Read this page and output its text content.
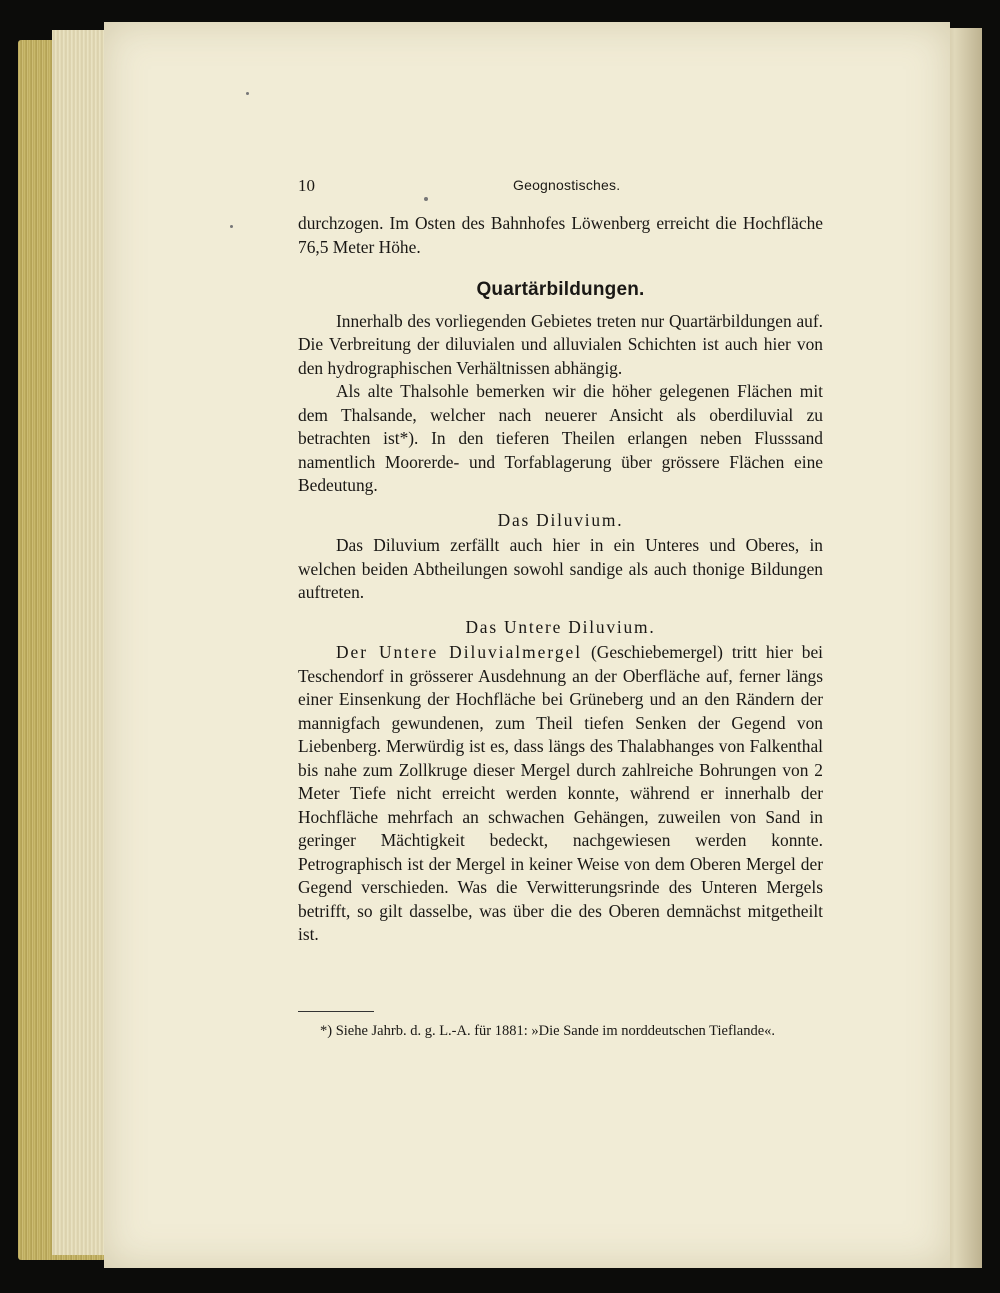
10	Geognostisches.

durchzogen. Im Osten des Bahnhofes Löwenberg erreicht die Hochfläche 76,5 Meter Höhe.

Quartärbildungen.

Innerhalb des vorliegenden Gebietes treten nur Quartärbildungen auf. Die Verbreitung der diluvialen und alluvialen Schichten ist auch hier von den hydrographischen Verhältnissen abhängig.

Als alte Thalsohle bemerken wir die höher gelegenen Flächen mit dem Thalsande, welcher nach neuerer Ansicht als oberdiluvial zu betrachten ist*). In den tieferen Theilen erlangen neben Flusssand namentlich Moorerde- und Torfablagerung über grössere Flächen eine Bedeutung.

Das Diluvium.

Das Diluvium zerfällt auch hier in ein Unteres und Oberes, in welchen beiden Abtheilungen sowohl sandige als auch thonige Bildungen auftreten.

Das Untere Diluvium.

Der Untere Diluvialmergel (Geschiebemergel) tritt hier bei Teschendorf in grösserer Ausdehnung an der Oberfläche auf, ferner längs einer Einsenkung der Hochfläche bei Grüneberg und an den Rändern der mannigfach gewundenen, zum Theil tiefen Senken der Gegend von Liebenberg. Merwürdig ist es, dass längs des Thalabhanges von Falkenthal bis nahe zum Zollkruge dieser Mergel durch zahlreiche Bohrungen von 2 Meter Tiefe nicht erreicht werden konnte, während er innerhalb der Hochfläche mehrfach an schwachen Gehängen, zuweilen von Sand in geringer Mächtigkeit bedeckt, nachgewiesen werden konnte. Petrographisch ist der Mergel in keiner Weise von dem Oberen Mergel der Gegend verschieden. Was die Verwitterungsrinde des Unteren Mergels betrifft, so gilt dasselbe, was über die des Oberen demnächst mitgetheilt ist.

*) Siehe Jahrb. d. g. L.-A. für 1881: »Die Sande im norddeutschen Tieflande«.
